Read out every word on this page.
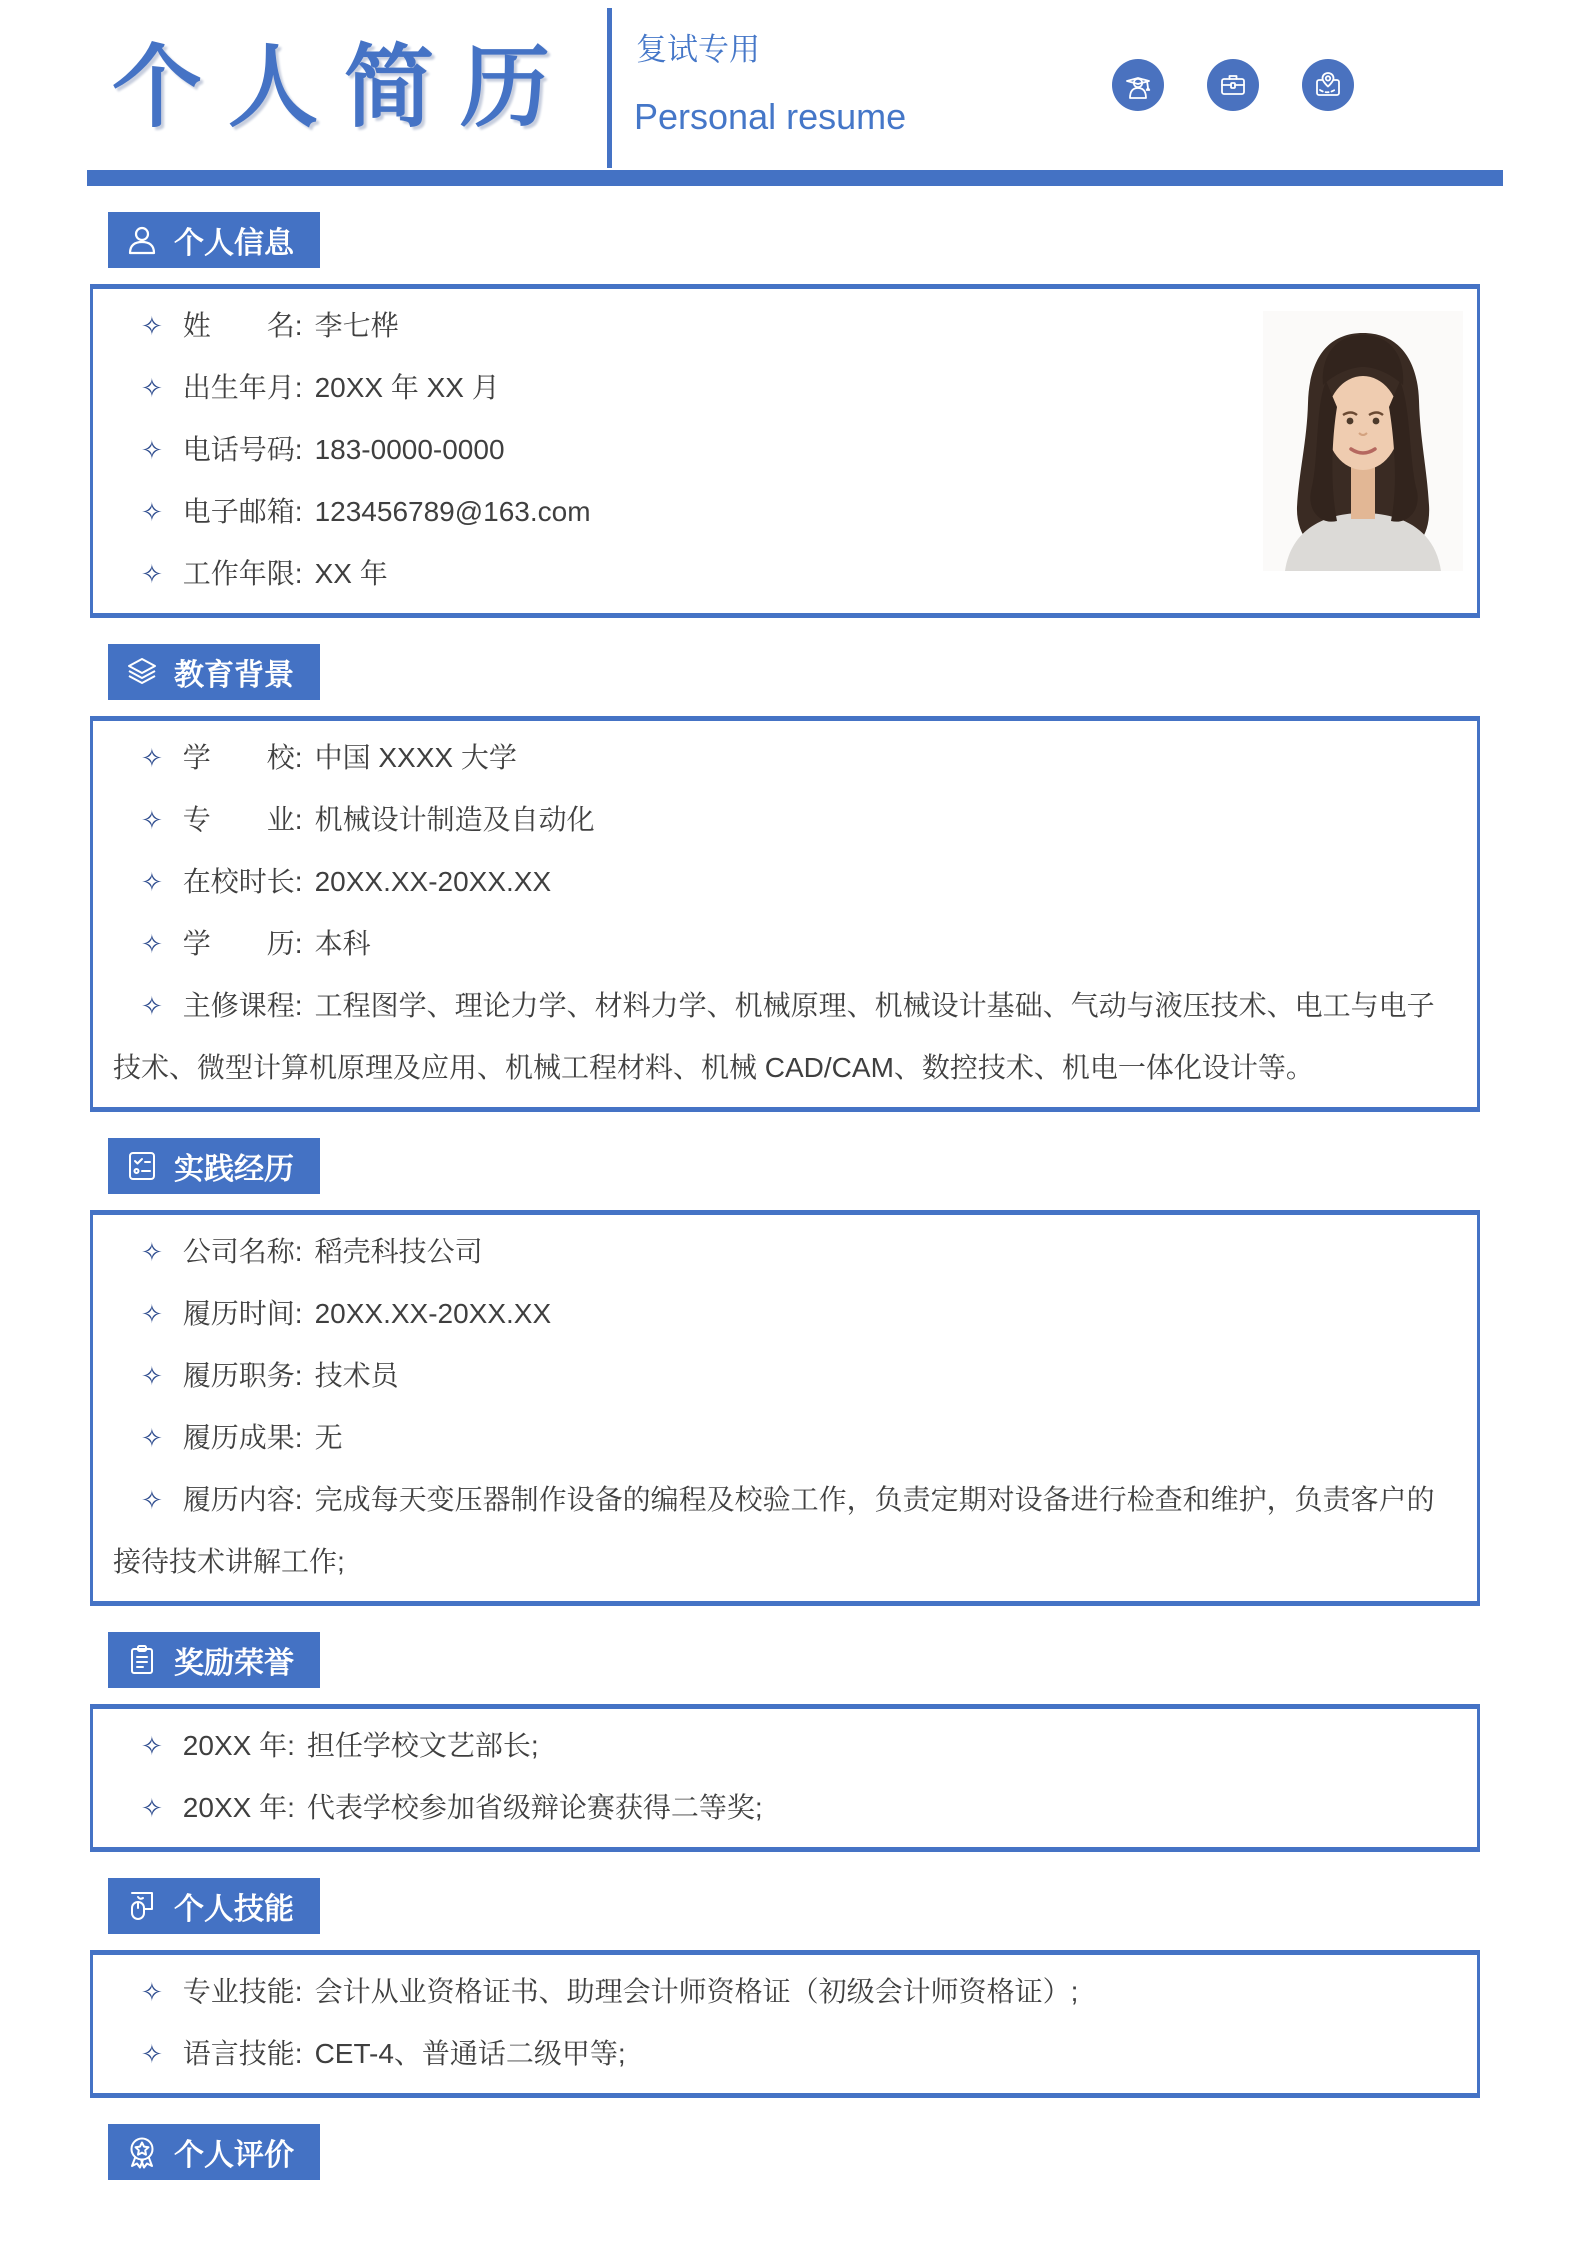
个人简历 复试专用
Personal resume
个人信息
✧ 姓　　名: 李七桦
✧ 出生年月: 20XX 年 XX 月
✧ 电话号码: 183-0000-0000
✧ 电子邮箱: 123456789@163.com
✧ 工作年限: XX 年
教育背景
✧ 学　　校: 中国 XXXX 大学
✧ 专　　业: 机械设计制造及自动化
✧ 在校时长: 20XX.XX-20XX.XX
✧ 学　　历: 本科
✧ 主修课程: 工程图学、理论力学、材料力学、机械原理、机械设计基础、气动与液压技术、电工与电子技术、微型计算机原理及应用、机械工程材料、机械 CAD/CAM、数控技术、机电一体化设计等。
实践经历
✧ 公司名称: 稻壳科技公司
✧ 履历时间: 20XX.XX-20XX.XX
✧ 履历职务: 技术员
✧ 履历成果: 无
✧ 履历内容: 完成每天变压器制作设备的编程及校验工作，负责定期对设备进行检查和维护，负责客户的接待技术讲解工作;
奖励荣誉
✧ 20XX 年: 担任学校文艺部长;
✧ 20XX 年: 代表学校参加省级辩论赛获得二等奖;
个人技能
✧ 专业技能: 会计从业资格证书、助理会计师资格证（初级会计师资格证）;
✧ 语言技能: CET-4、普通话二级甲等;
个人评价
